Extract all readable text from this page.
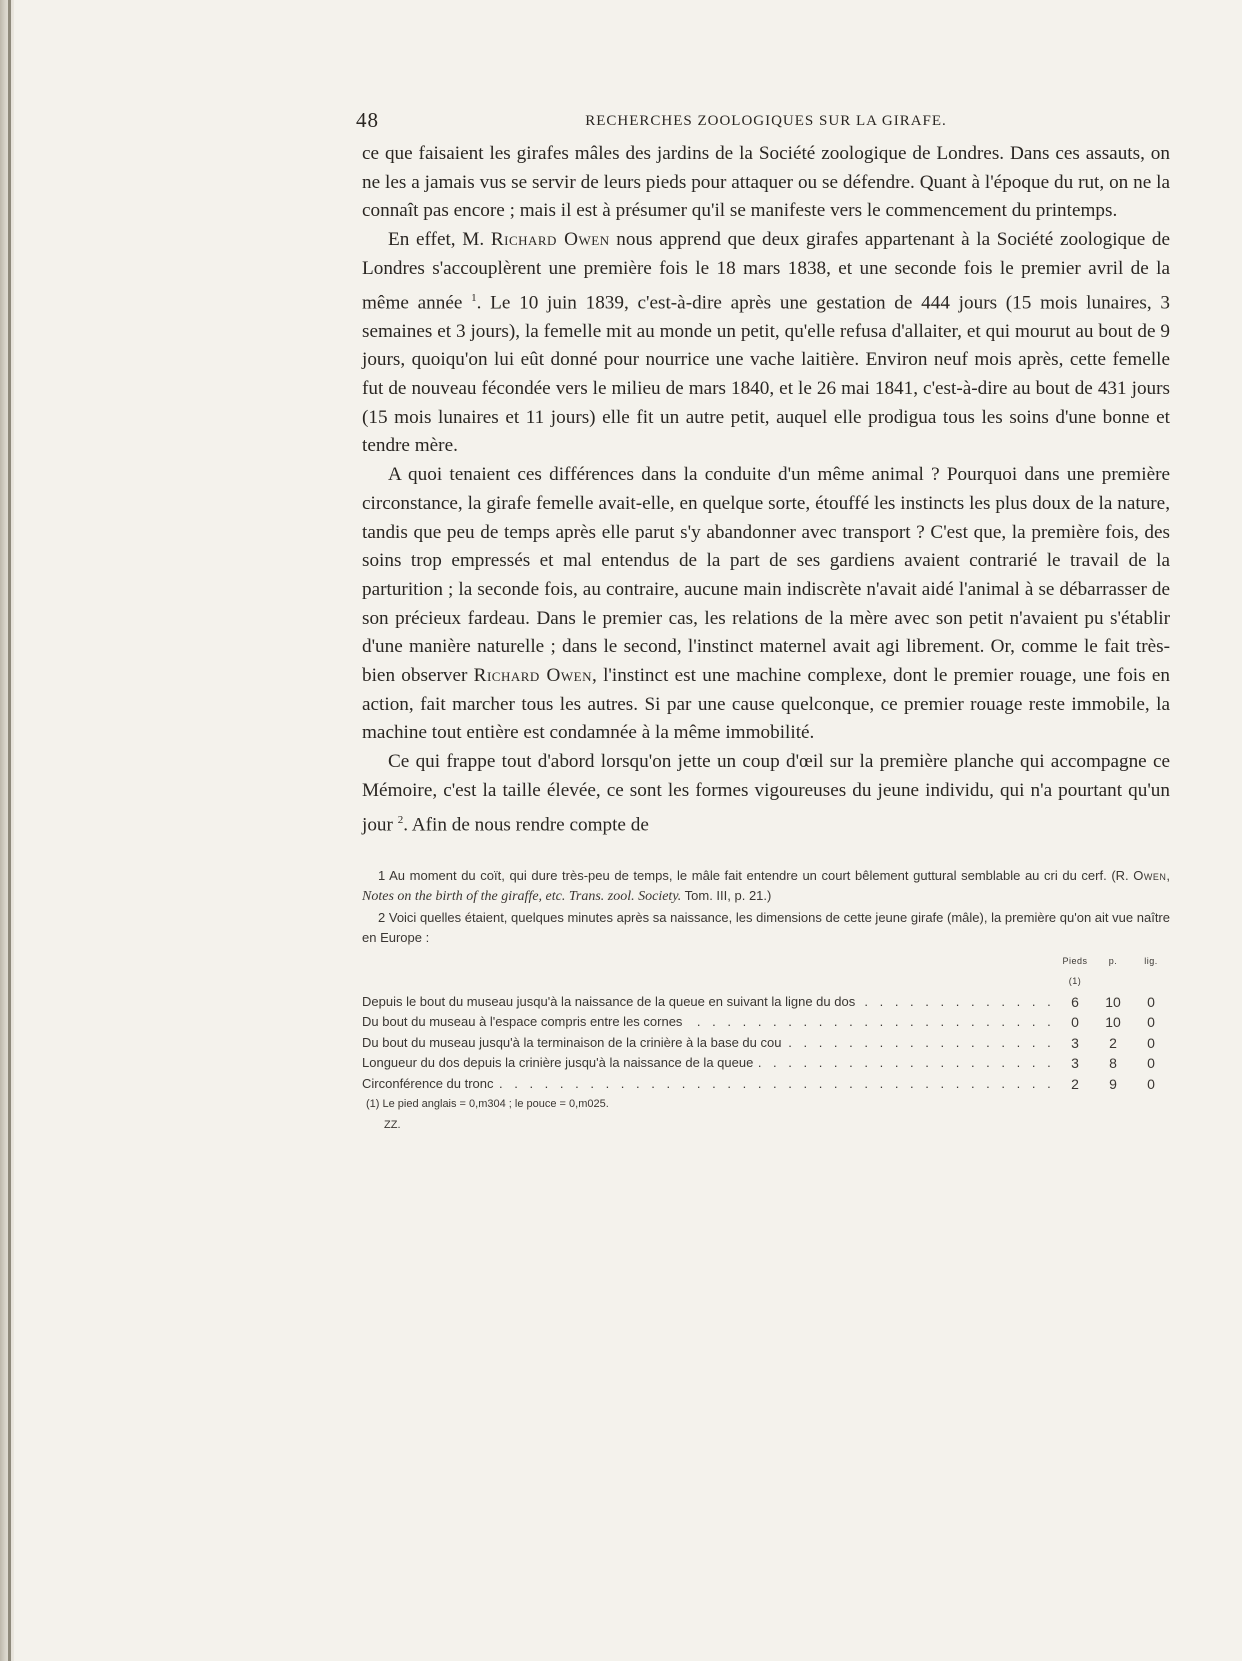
48	RECHERCHES ZOOLOGIQUES SUR LA GIRAFE.

ce que faisaient les girafes mâles des jardins de la Société zoologique de Londres. Dans ces assauts, on ne les a jamais vus se servir de leurs pieds pour attaquer ou se défendre. Quant à l'époque du rut, on ne la connaît pas encore ; mais il est à présumer qu'il se manifeste vers le commencement du printemps.

En effet, M. Richard Owen nous apprend que deux girafes appartenant à la Société zoologique de Londres s'accouplèrent une première fois le 18 mars 1838, et une seconde fois le premier avril de la même année $^1$. Le 10 juin 1839, c'est-à-dire après une gestation de 444 jours (15 mois lunaires, 3 semaines et 3 jours), la femelle mit au monde un petit, qu'elle refusa d'allaiter, et qui mourut au bout de 9 jours, quoiqu'on lui eût donné pour nourrice une vache laitière. Environ neuf mois après, cette femelle fut de nouveau fécondée vers le milieu de mars 1840, et le 26 mai 1841, c'est-à-dire au bout de 431 jours (15 mois lunaires et 11 jours) elle fit un autre petit, auquel elle prodigua tous les soins d'une bonne et tendre mère.

A quoi tenaient ces différences dans la conduite d'un même animal ? Pourquoi dans une première circonstance, la girafe femelle avait-elle, en quelque sorte, étouffé les instincts les plus doux de la nature, tandis que peu de temps après elle parut s'y abandonner avec transport ? C'est que, la première fois, des soins trop empressés et mal entendus de la part de ses gardiens avaient contrarié le travail de la parturition ; la seconde fois, au contraire, aucune main indiscrète n'avait aidé l'animal à se débarrasser de son précieux fardeau. Dans le premier cas, les relations de la mère avec son petit n'avaient pu s'établir d'une manière naturelle ; dans le second, l'instinct maternel avait agi librement. Or, comme le fait très-bien observer Richard Owen, l'instinct est une machine complexe, dont le premier rouage, une fois en action, fait marcher tous les autres. Si par une cause quelconque, ce premier rouage reste immobile, la machine tout entière est condamnée à la même immobilité.

Ce qui frappe tout d'abord lorsqu'on jette un coup d'œil sur la première planche qui accompagne ce Mémoire, c'est la taille élevée, ce sont les formes vigoureuses du jeune individu, qui n'a pourtant qu'un jour $^2$. Afin de nous rendre compte de

1 Au moment du coït, qui dure très-peu de temps, le mâle fait entendre un court bêlement guttural semblable au cri du cerf. (R. Owen, Notes on the birth of the giraffe, etc. Trans. zool. Society. Tom. III, p. 21.)

2 Voici quelles étaient, quelques minutes après sa naissance, les dimensions de cette jeune girafe (mâle), la première qu'on ait vue naître en Europe :

	Pieds (1)	p.	lig.
Depuis le bout du museau jusqu'à la naissance de la queue en suivant la ligne du dos . . .	6	10	0
Du bout du museau à l'espace compris entre les cornes . . .	0	10	0
Du bout du museau jusqu'à la terminaison de la crinière à la base du cou . . .	3	2	0
Longueur du dos depuis la crinière jusqu'à la naissance de la queue . . .	3	8	0
Circonférence du tronc . . .	2	9	0

(1) Le pied anglais = 0,m304 ; le pouce = 0,m025.

ZZ.
